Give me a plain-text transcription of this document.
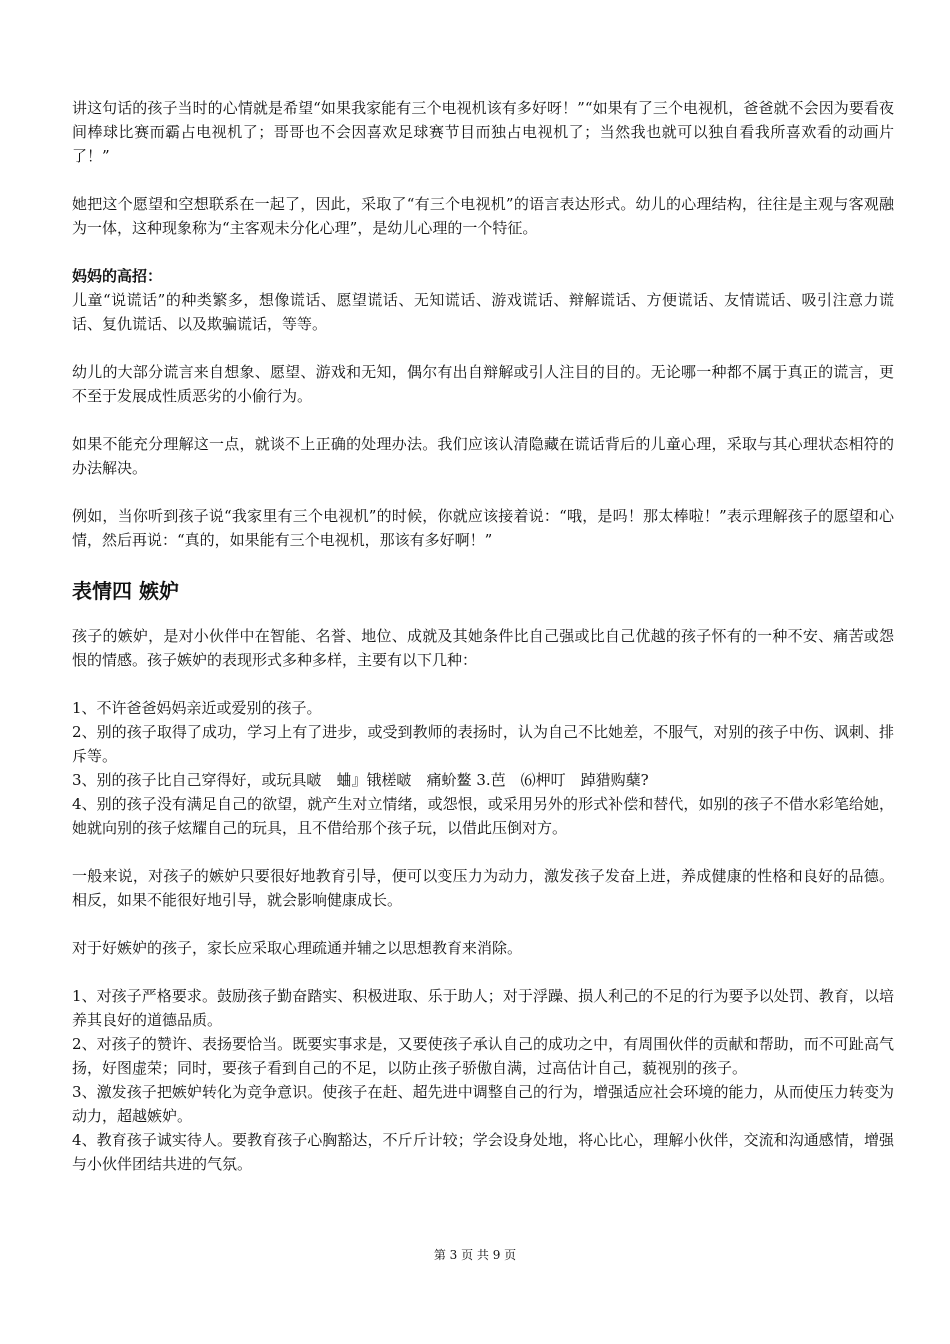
讲这句话的孩子当时的心情就是希望“如果我家能有三个电视机该有多好呀！”“如果有了三个电视机，爸爸就不会因为要看夜间棒球比赛而霸占电视机了；哥哥也不会因喜欢足球赛节目而独占电视机了；当然我也就可以独自看我所喜欢看的动画片了！”

她把这个愿望和空想联系在一起了，因此，采取了“有三个电视机”的语言表达形式。幼儿的心理结构，往往是主观与客观融为一体，这种现象称为“主客观未分化心理”，是幼儿心理的一个特征。

妈妈的高招：

儿童“说谎话”的种类繁多，想像谎话、愿望谎话、无知谎话、游戏谎话、辩解谎话、方便谎话、友情谎话、吸引注意力谎话、复仇谎话、以及欺骗谎话，等等。

幼儿的大部分谎言来自想象、愿望、游戏和无知，偶尔有出自辩解或引人注目的目的。无论哪一种都不属于真正的谎言，更不至于发展成性质恶劣的小偷行为。

如果不能充分理解这一点，就谈不上正确的处理办法。我们应该认清隐藏在谎话背后的儿童心理，采取与其心理状态相符的办法解决。

例如，当你听到孩子说“我家里有三个电视机”的时候，你就应该接着说：“哦，是吗！那太棒啦！”表示理解孩子的愿望和心情，然后再说：“真的，如果能有三个电视机，那该有多好啊！”

表情四 嫉妒

孩子的嫉妒，是对小伙伴中在智能、名誉、地位、成就及其她条件比自己强或比自己优越的孩子怀有的一种不安、痛苦或怨恨的情感。孩子嫉妒的表现形式多种多样，主要有以下几种：

1、不许爸爸妈妈亲近或爱别的孩子。

2、别的孩子取得了成功，学习上有了进步，或受到教师的表扬时，认为自己不比她差，不服气，对别的孩子中伤、讽刺、排斥等。

3、别的孩子比自己穿得好，或玩具啵　蛐』锇槎啵　痛蚧鳌 3.芭　⑹柙叮　踔猎购蘖?

4、别的孩子没有满足自己的欲望，就产生对立情绪，或怨恨，或采用另外的形式补偿和替代，如别的孩子不借水彩笔给她，她就向别的孩子炫耀自己的玩具，且不借给那个孩子玩，以借此压倒对方。

一般来说，对孩子的嫉妒只要很好地教育引导，便可以变压力为动力，激发孩子发奋上进，养成健康的性格和良好的品德。相反，如果不能很好地引导，就会影响健康成长。

对于好嫉妒的孩子，家长应采取心理疏通并辅之以思想教育来消除。

1、对孩子严格要求。鼓励孩子勤奋踏实、积极进取、乐于助人；对于浮躁、损人利己的不足的行为要予以处罚、教育，以培养其良好的道德品质。

2、对孩子的赞许、表扬要恰当。既要实事求是，又要使孩子承认自己的成功之中，有周围伙伴的贡献和帮助，而不可趾高气扬，好图虚荣；同时，要孩子看到自己的不足，以防止孩子骄傲自满，过高估计自己，藐视别的孩子。

3、激发孩子把嫉妒转化为竞争意识。使孩子在赶、超先进中调整自己的行为，增强适应社会环境的能力，从而使压力转变为动力，超越嫉妒。

4、教育孩子诚实待人。要教育孩子心胸豁达，不斤斤计较；学会设身处地，将心比心，理解小伙伴，交流和沟通感情，增强与小伙伴团结共进的气氛。

第 3 页 共 9 页
